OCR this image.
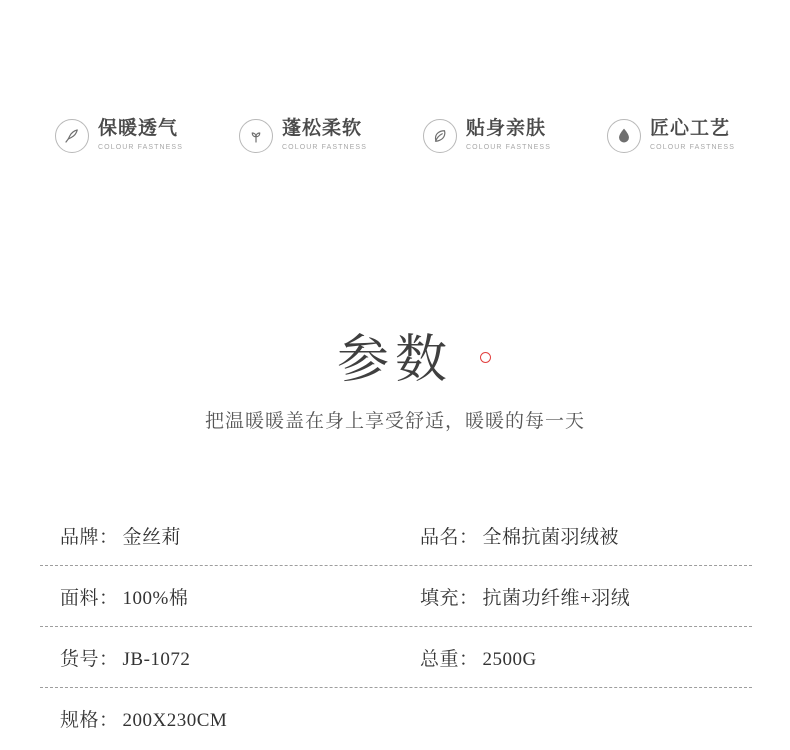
保暖透气
COLOUR FASTNESS
蓬松柔软
COLOUR FASTNESS
贴身亲肤
COLOUR FASTNESS
匠心工艺
COLOUR FASTNESS
参数
把温暖暖盖在身上享受舒适，暖暖的每一天
品牌： 金丝莉	品名： 全棉抗菌羽绒被
面料： 100%棉	填充： 抗菌功纤维+羽绒
货号： JB-1072	总重： 2500G
规格： 200X230CM
